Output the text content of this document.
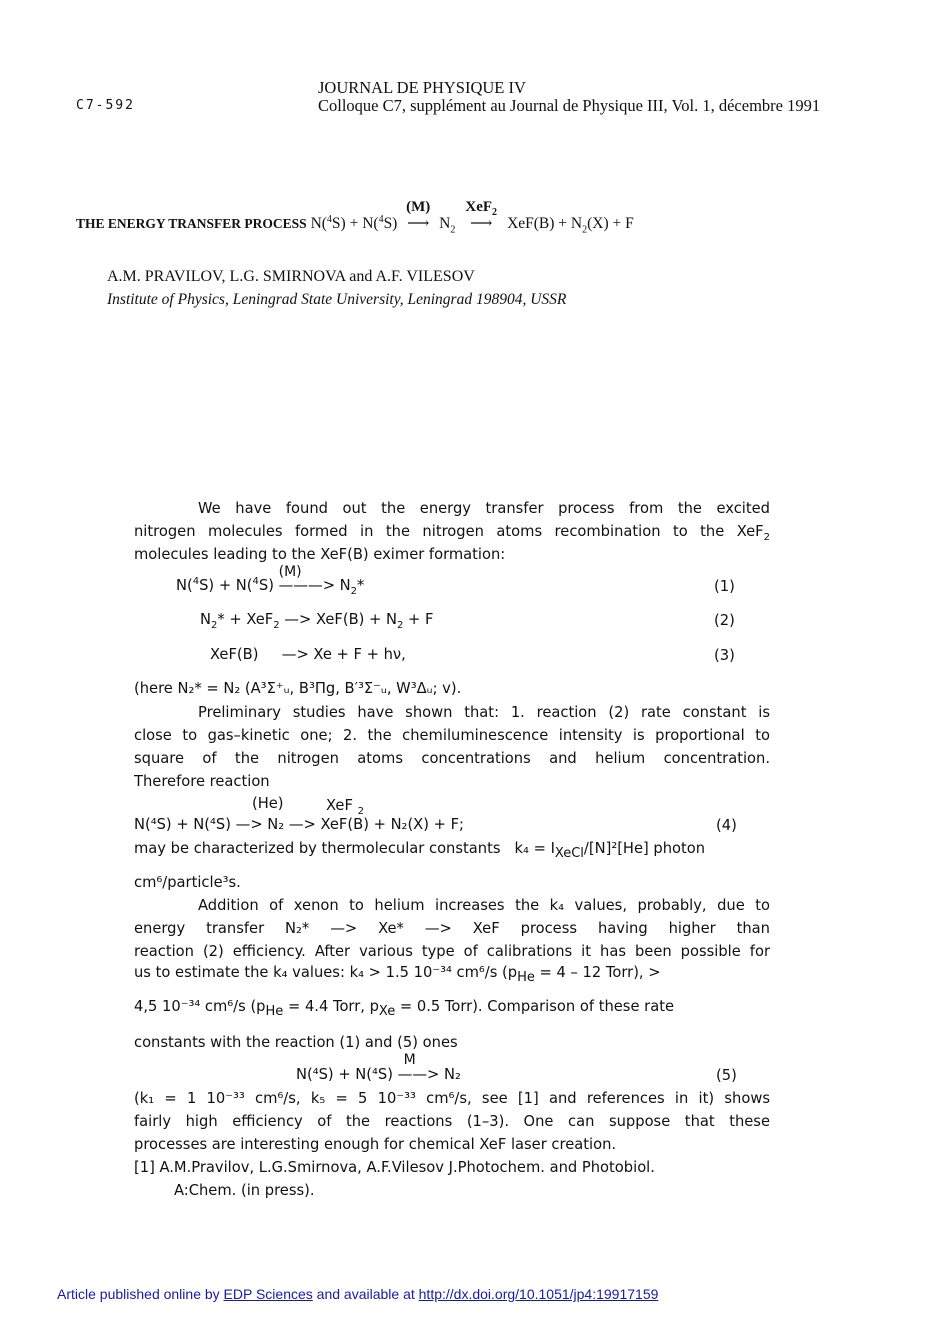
C7-592
JOURNAL DE PHYSIQUE IV
Colloque C7, supplément au Journal de Physique III, Vol. 1, décembre 1991
THE ENERGY TRANSFER PROCESS N($^4$S) + N($^4$S)
(M)
⟶ $N_2$
XeF$_2$
⟶ $XeF(B) + N_2(X) + F$
A.M. PRAVILOV, L.G. SMIRNOVA and A.F. VILESOV
Institute of Physics, Leningrad State University, Leningrad 198904, USSR
We have found out the energy transfer process from the excited
nitrogen molecules formed in the nitrogen atoms recombination to the XeF$_2$
molecules leading to the XeF(B) eximer formation:
N($^4$S) + N($^4$S)
(M)
———> $N_2*$	(1)
$N_2* + XeF_2$ —> $XeF(B) + N_2 + F$	(2)
XeF(B)     —> Xe + F + hν,	(3)
(here N₂* = N₂ (A³Σ⁺ᵤ, B³Πg, B′³Σ⁻ᵤ, W³Δᵤ; v).
Preliminary studies have shown that: 1. reaction (2) rate constant is
close to gas–kinetic one; 2. the chemiluminescence intensity is proportional to
square of the nitrogen atoms concentrations and helium concentration.
Therefore reaction
(He)	XeF $_2$
N(⁴S) + N(⁴S) —> N₂ —> XeF(B) + N₂(X) + F;	(4)
may be characterized by thermolecular constants $k_4 = I_{XeCl}/[N]^2[He]$ photon
cm⁶/particle³s.
Addition of xenon to helium increases the k₄ values, probably, due to
energy transfer N₂* —> Xe* —> XeF process having higher than
reaction (2) efficiency. After various type of calibrations it has been possible for
us to estimate the k₄ values: k₄ > 1.5 10⁻³⁴ cm⁶/s ($p_{He} = 4 - 12$ Torr), >
4,5 10⁻³⁴ cm⁶/s ($p_{He} = 4.4$ Torr, $p_{Xe} = 0.5$ Torr). Comparison of these rate
constants with the reaction (1) and (5) ones
N(⁴S) + N(⁴S)
M
——> N₂	(5)
(k₁ = 1 10⁻³³ cm⁶/s, k₅ = 5 10⁻³³ cm⁶/s, see [1] and references in it) shows
fairly high efficiency of the reactions (1–3). One can suppose that these
processes are interesting enough for chemical XeF laser creation.
[1] A.M.Pravilov, L.G.Smirnova, A.F.Vilesov J.Photochem. and Photobiol.
A:Chem. (in press).
Article published online by EDP Sciences and available at http://dx.doi.org/10.1051/jp4:19917159
